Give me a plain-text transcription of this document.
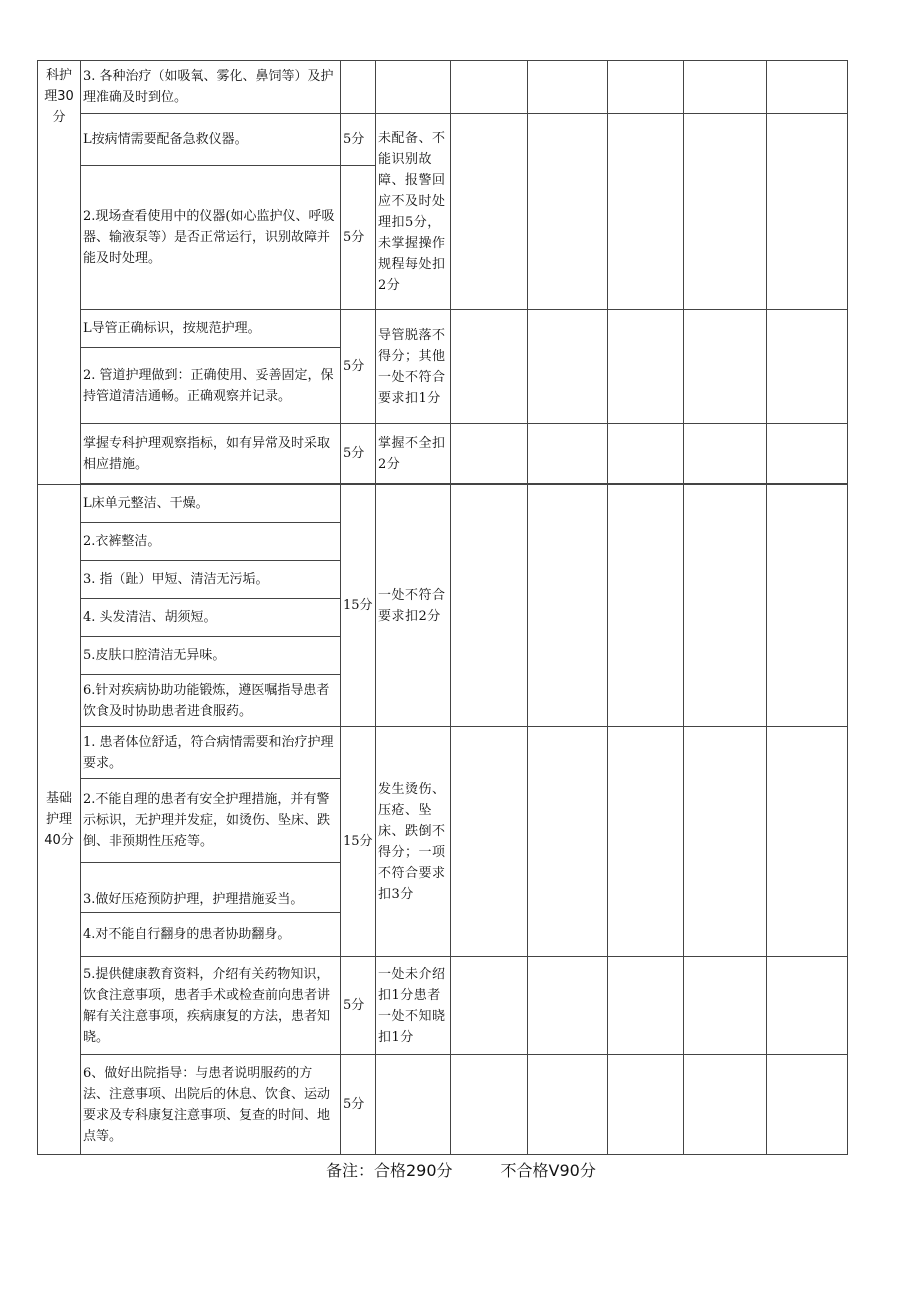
科护理30分	3. 各种治疗（如吸氧、雾化、鼻饲等）及护理准确及时到位。							
	L按病情需要配备急救仪器。	5分	未配备、不能识别故障、报警回应不及时处理扣5分，未掌握操作规程每处扣 2分					
	2.现场查看使用中的仪器(如心监护仪、呼吸器、输液泵等）是否正常运行，识别故障并能及时处理。	5分						
	L导管正确标识，按规范护理。	5分	导管脱落不得分；其他一处不符合要求扣1分					
	2. 管道护理做到：正确使用、妥善固定，保持管道清洁通畅。正确观察并记录。							
	掌握专科护理观察指标，如有异常及时采取相应措施。	5分	掌握不全扣2分					

基础护理40分	L床单元整洁、干燥。	15分	一处不符合要求扣2分					
	2.衣裤整洁。							
	3. 指（趾）甲短、清洁无污垢。							
	4. 头发清洁、胡须短。							
	5.皮肤口腔清洁无异味。							
	6.针对疾病协助功能锻炼，遵医嘱指导患者饮食及时协助患者进食服药。							
	1. 患者体位舒适，符合病情需要和治疗护理要求。	15分	发生烫伤、压疮、坠床、跌倒不得分；一项不符合要求扣3分					
	2.不能自理的患者有安全护理措施，并有警示标识，无护理并发症，如烫伤、坠床、跌倒、非预期性压疮等。							
	3.做好压疮预防护理，护理措施妥当。							
	4.对不能自行翻身的患者协助翻身。							
	5.提供健康教育资料，介绍有关药物知识，饮食注意事项，患者手术或检查前向患者讲解有关注意事项，疾病康复的方法，患者知晓。	5分	一处未介绍扣1分患者一处不知晓扣1分					
	6、做好出院指导：与患者说明服药的方法、注意事项、出院后的休息、饮食、运动要求及专科康复注意事项、复查的时间、地点等。	5分						
备注：合格290分	不合格V90分
